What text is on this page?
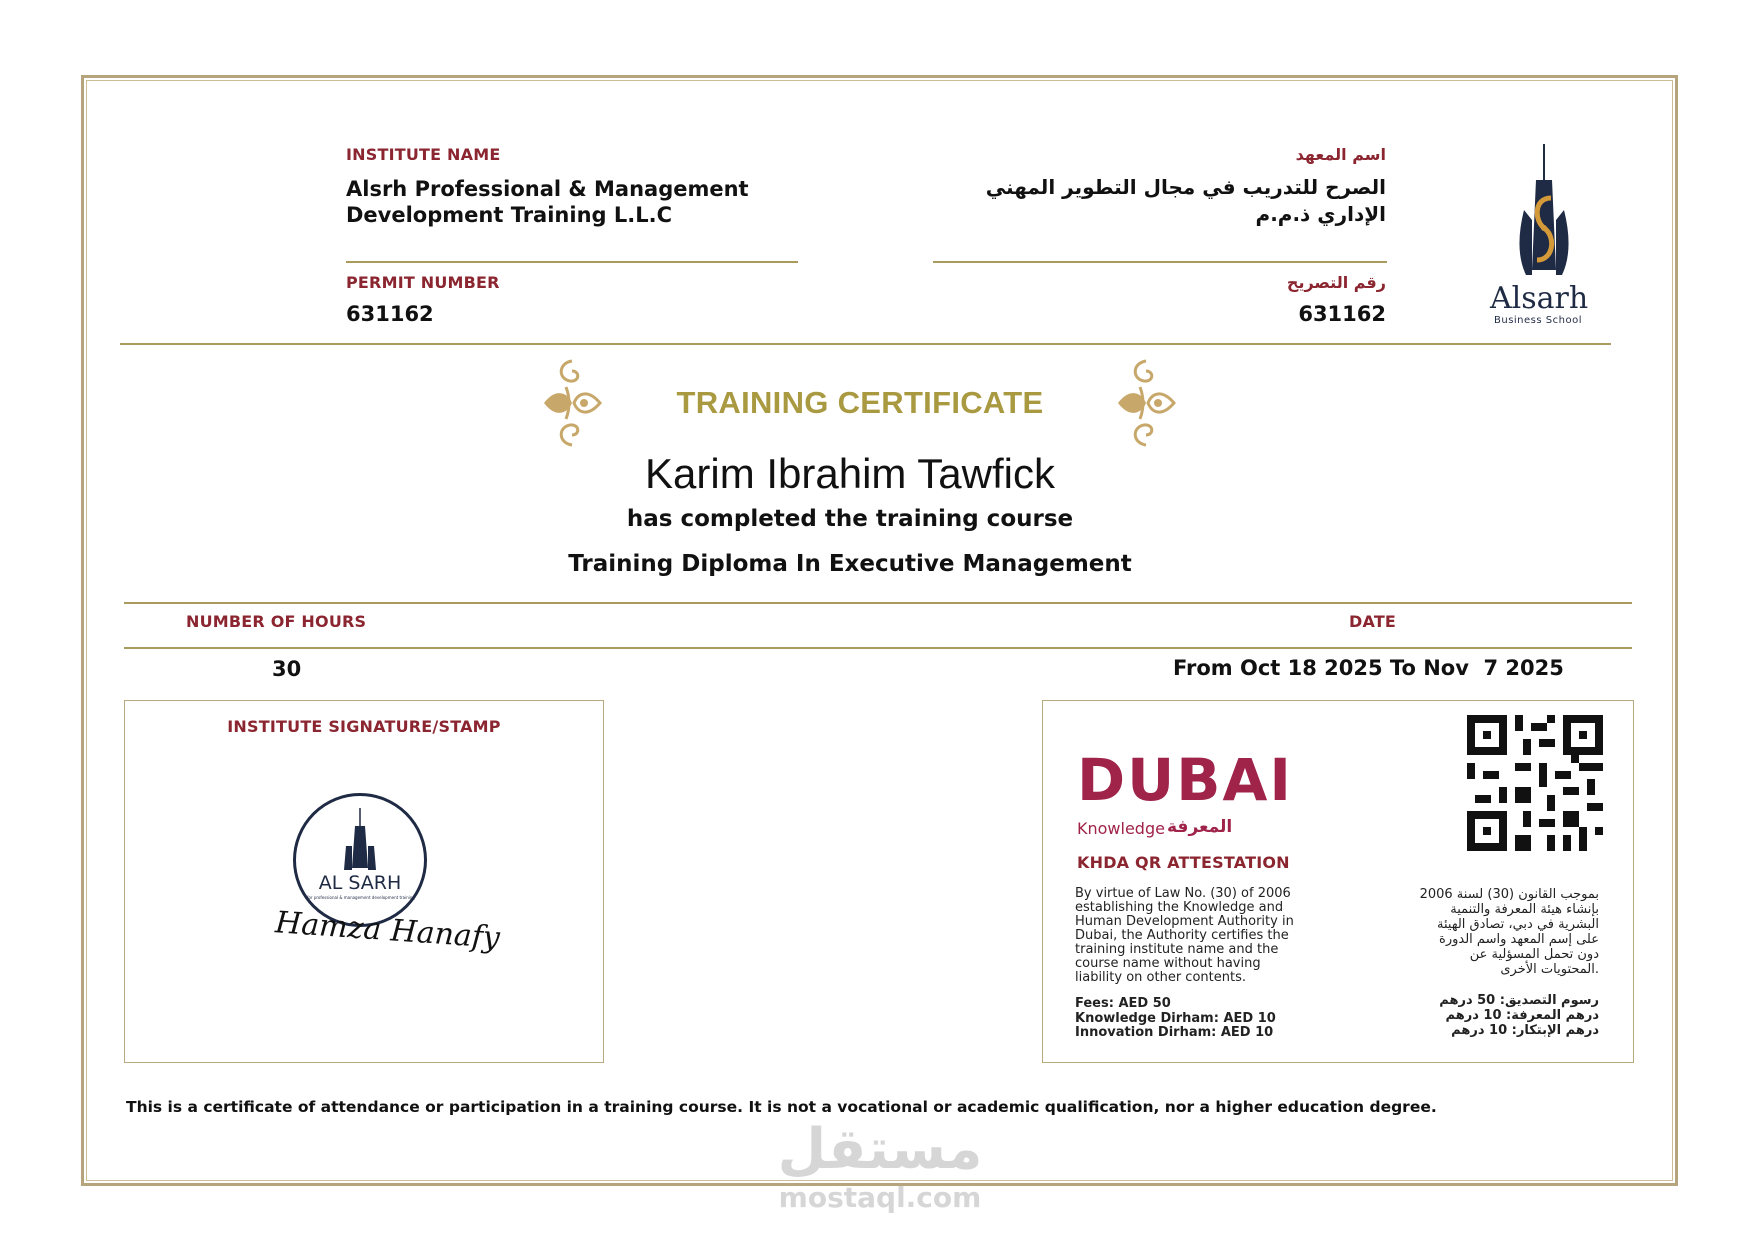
INSTITUTE NAME
Alsrh Professional & Management
Development Training L.L.C
اسم المعهد
الصرح للتدريب في مجال التطوير المهني
الإداري ذ.م.م
PERMIT NUMBER
631162
رقم التصريح
631162	Alsarh
Business School
TRAINING CERTIFICATE
Karim Ibrahim Tawfick
has completed the training course
Training Diploma In Executive Management
NUMBER OF HOURS	DATE
30	From Oct 18 2025 To Nov  7 2025
INSTITUTE SIGNATURE/STAMP
AL SARH
for professional & management development training
Hamza Hanafy
DUBAI
Knowledge المعرفة
KHDA QR ATTESTATION
By virtue of Law No. (30) of 2006
establishing the Knowledge and
Human Development Authority in
Dubai, the Authority certifies the
training institute name and the
course name without having
liability on other contents.
Fees: AED 50
Knowledge Dirham: AED 10
Innovation Dirham: AED 10
بموجب القانون (30) لسنة 2006
بإنشاء هيئة المعرفة والتنمية
البشرية في دبي، تصادق الهيئة
على إسم المعهد واسم الدورة
دون تحمل المسؤلية عن
.المحتويات الأخرى
رسوم التصديق: 50 درهم
درهم المعرفة: 10 درهم
درهم الإبتكار: 10 درهم
This is a certificate of attendance or participation in a training course. It is not a vocational or academic qualification, nor a higher education degree.
مستقل
mostaql.com
